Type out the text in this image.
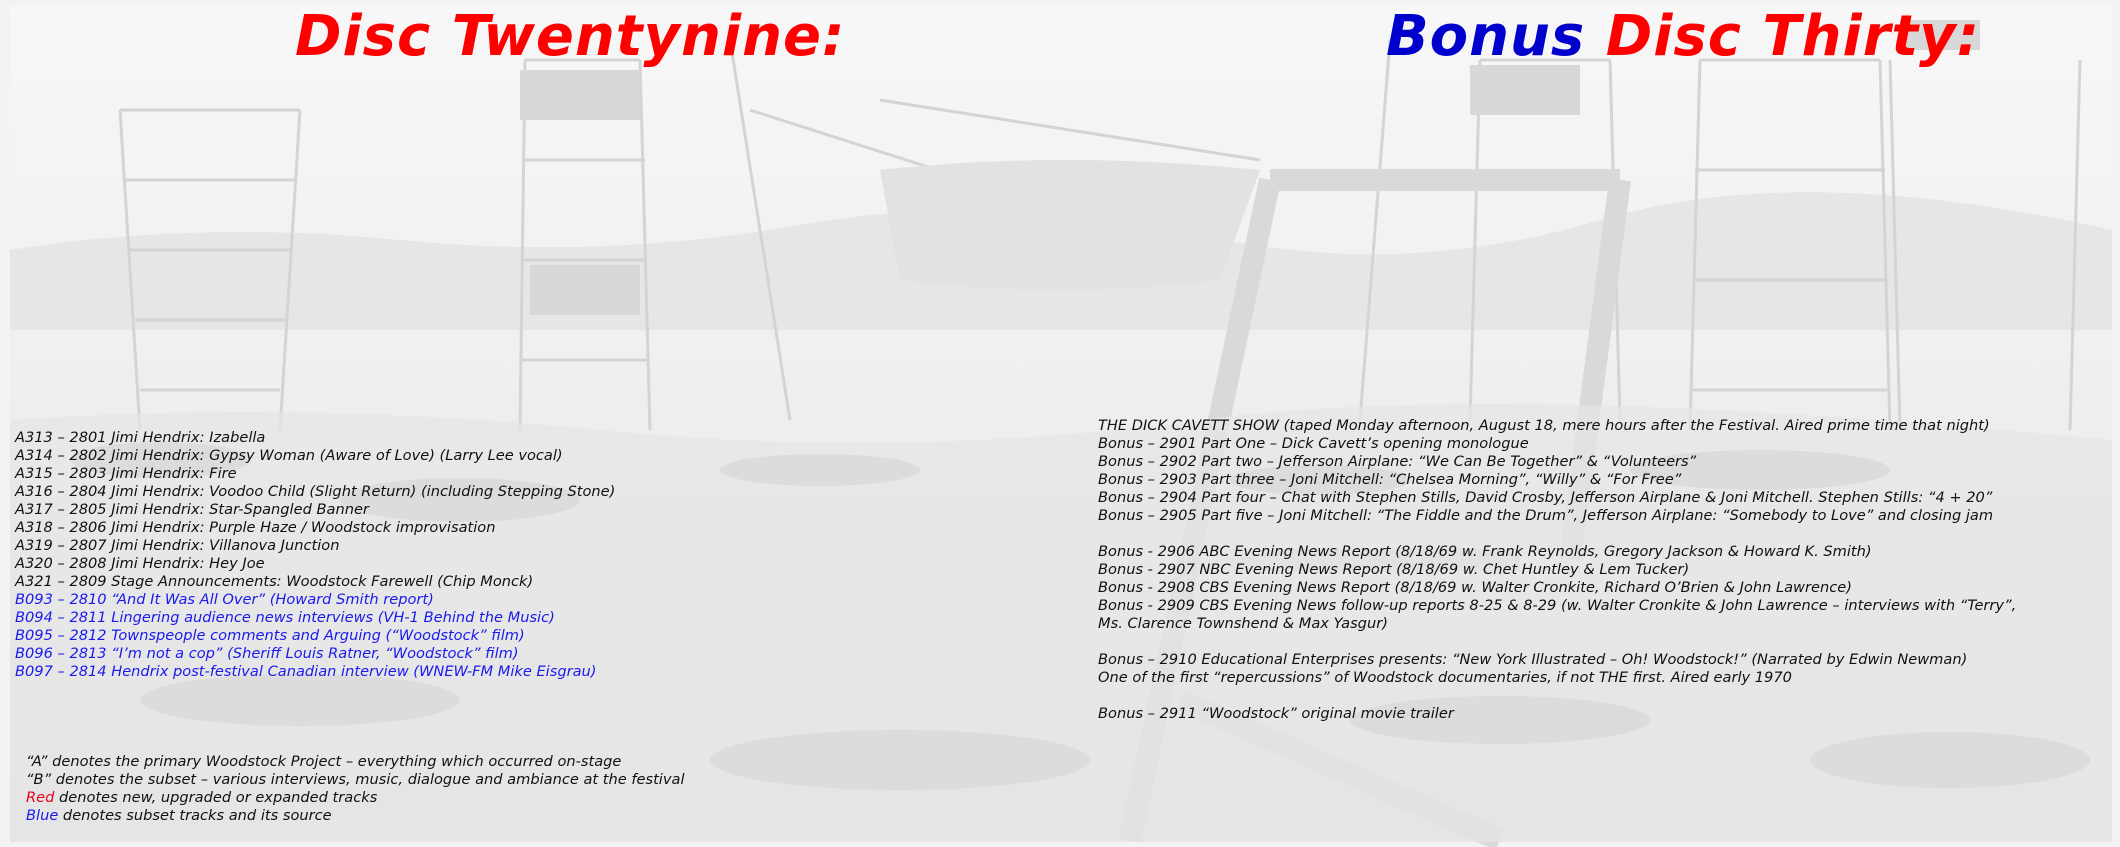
Disc Twentynine:	Bonus Disc Thirty:
A313 – 2801 Jimi Hendrix: Izabella
A314 – 2802 Jimi Hendrix: Gypsy Woman (Aware of Love) (Larry Lee vocal)
A315 – 2803 Jimi Hendrix: Fire
A316 – 2804 Jimi Hendrix: Voodoo Child (Slight Return) (including Stepping Stone)
A317 – 2805 Jimi Hendrix: Star-Spangled Banner
A318 – 2806 Jimi Hendrix: Purple Haze / Woodstock improvisation
A319 – 2807 Jimi Hendrix: Villanova Junction
A320 – 2808 Jimi Hendrix: Hey Joe
A321 – 2809 Stage Announcements: Woodstock Farewell (Chip Monck)
B093 – 2810 “And It Was All Over” (Howard Smith report)
B094 – 2811 Lingering audience news interviews (VH-1 Behind the Music)
B095 – 2812 Townspeople comments and Arguing (“Woodstock” film)
B096 – 2813 “I’m not a cop” (Sheriff Louis Ratner, “Woodstock” film)
B097 – 2814 Hendrix post-festival Canadian interview (WNEW-FM Mike Eisgrau)
THE DICK CAVETT SHOW (taped Monday afternoon, August 18, mere hours after the Festival. Aired prime time that night)
Bonus – 2901 Part One – Dick Cavett’s opening monologue
Bonus – 2902 Part two – Jefferson Airplane: “We Can Be Together” & “Volunteers”
Bonus – 2903 Part three – Joni Mitchell: “Chelsea Morning”, “Willy” & “For Free”
Bonus – 2904 Part four – Chat with Stephen Stills, David Crosby, Jefferson Airplane & Joni Mitchell. Stephen Stills: “4 + 20”
Bonus – 2905 Part five – Joni Mitchell: “The Fiddle and the Drum”, Jefferson Airplane: “Somebody to Love” and closing jam
Bonus - 2906 ABC Evening News Report (8/18/69 w. Frank Reynolds, Gregory Jackson & Howard K. Smith)
Bonus - 2907 NBC Evening News Report (8/18/69 w. Chet Huntley & Lem Tucker)
Bonus - 2908 CBS Evening News Report (8/18/69 w. Walter Cronkite, Richard O’Brien & John Lawrence)
Bonus - 2909 CBS Evening News follow-up reports 8-25 & 8-29 (w. Walter Cronkite & John Lawrence – interviews with “Terry”,
Ms. Clarence Townshend & Max Yasgur)
Bonus – 2910 Educational Enterprises presents: “New York Illustrated – Oh! Woodstock!” (Narrated by Edwin Newman)
One of the first “repercussions” of Woodstock documentaries, if not THE first. Aired early 1970
Bonus – 2911 “Woodstock” original movie trailer
“A” denotes the primary Woodstock Project – everything which occurred on-stage
“B” denotes the subset – various interviews, music, dialogue and ambiance at the festival
Red denotes new, upgraded or expanded tracks
Blue denotes subset tracks and its source
